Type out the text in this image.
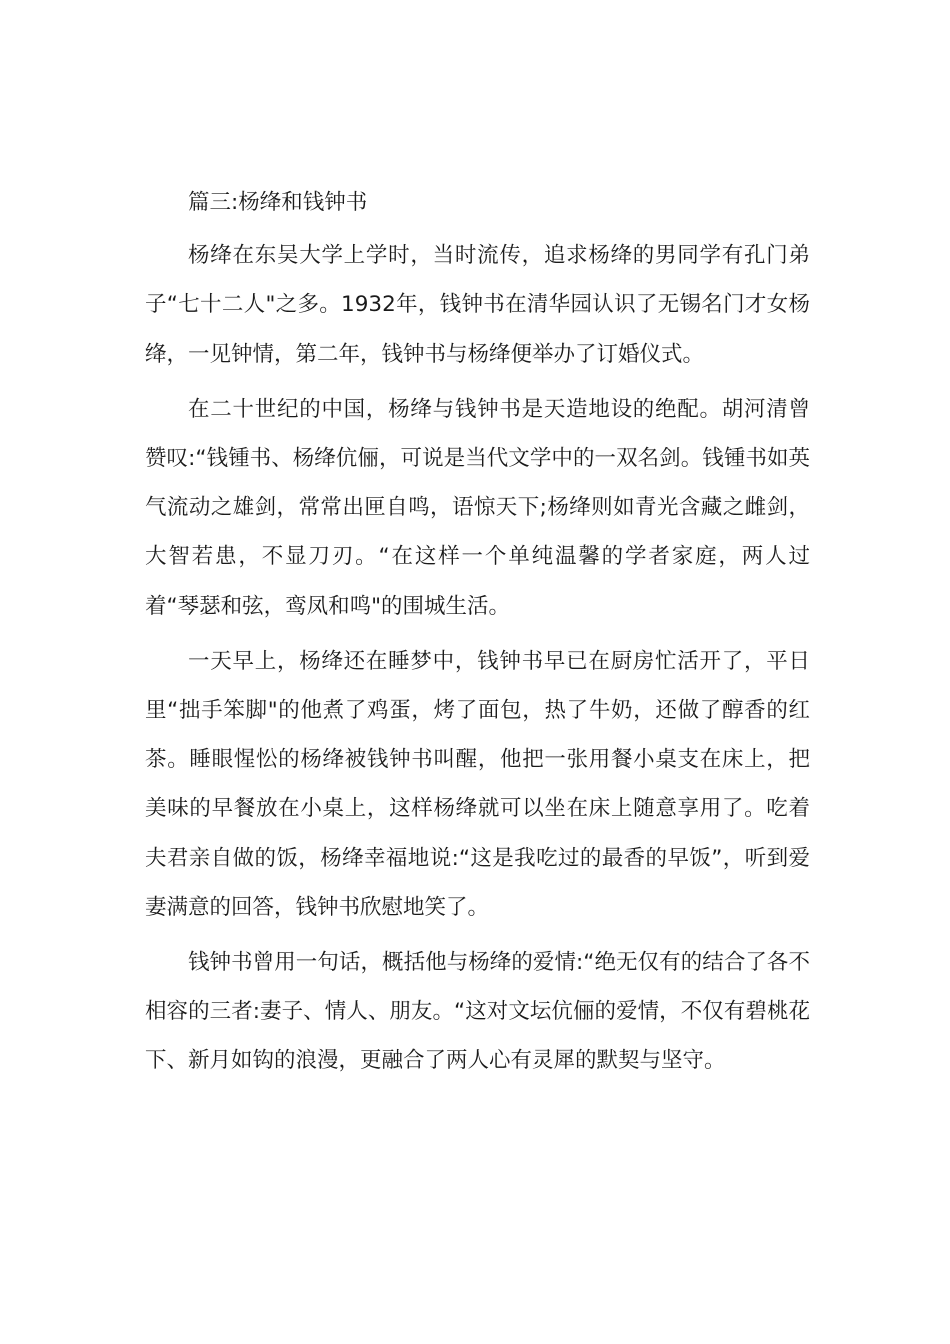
篇三:杨绛和钱钟书

杨绛在东吴大学上学时，当时流传，追求杨绛的男同学有孔门弟子“七十二人"之多。1932年，钱钟书在清华园认识了无锡名门才女杨绛，一见钟情，第二年，钱钟书与杨绛便举办了订婚仪式。

在二十世纪的中国，杨绛与钱钟书是天造地设的绝配。胡河清曾赞叹:“钱锺书、杨绛伉俪，可说是当代文学中的一双名剑。钱锺书如英气流动之雄剑，常常出匣自鸣，语惊天下;杨绛则如青光含藏之雌剑，大智若患，不显刀刃。“在这样一个单纯温馨的学者家庭，两人过着“琴瑟和弦，鸾凤和鸣"的围城生活。

一天早上，杨绛还在睡梦中，钱钟书早已在厨房忙活开了，平日里“拙手笨脚"的他煮了鸡蛋，烤了面包，热了牛奶，还做了醇香的红茶。睡眼惺忪的杨绛被钱钟书叫醒，他把一张用餐小桌支在床上，把美味的早餐放在小桌上，这样杨绛就可以坐在床上随意享用了。吃着夫君亲自做的饭，杨绛幸福地说:“这是我吃过的最香的早饭”，听到爱妻满意的回答，钱钟书欣慰地笑了。

钱钟书曾用一句话，概括他与杨绛的爱情:“绝无仅有的结合了各不相容的三者:妻子、情人、朋友。“这对文坛伉俪的爱情，不仅有碧桃花下、新月如钩的浪漫，更融合了两人心有灵犀的默契与坚守。
